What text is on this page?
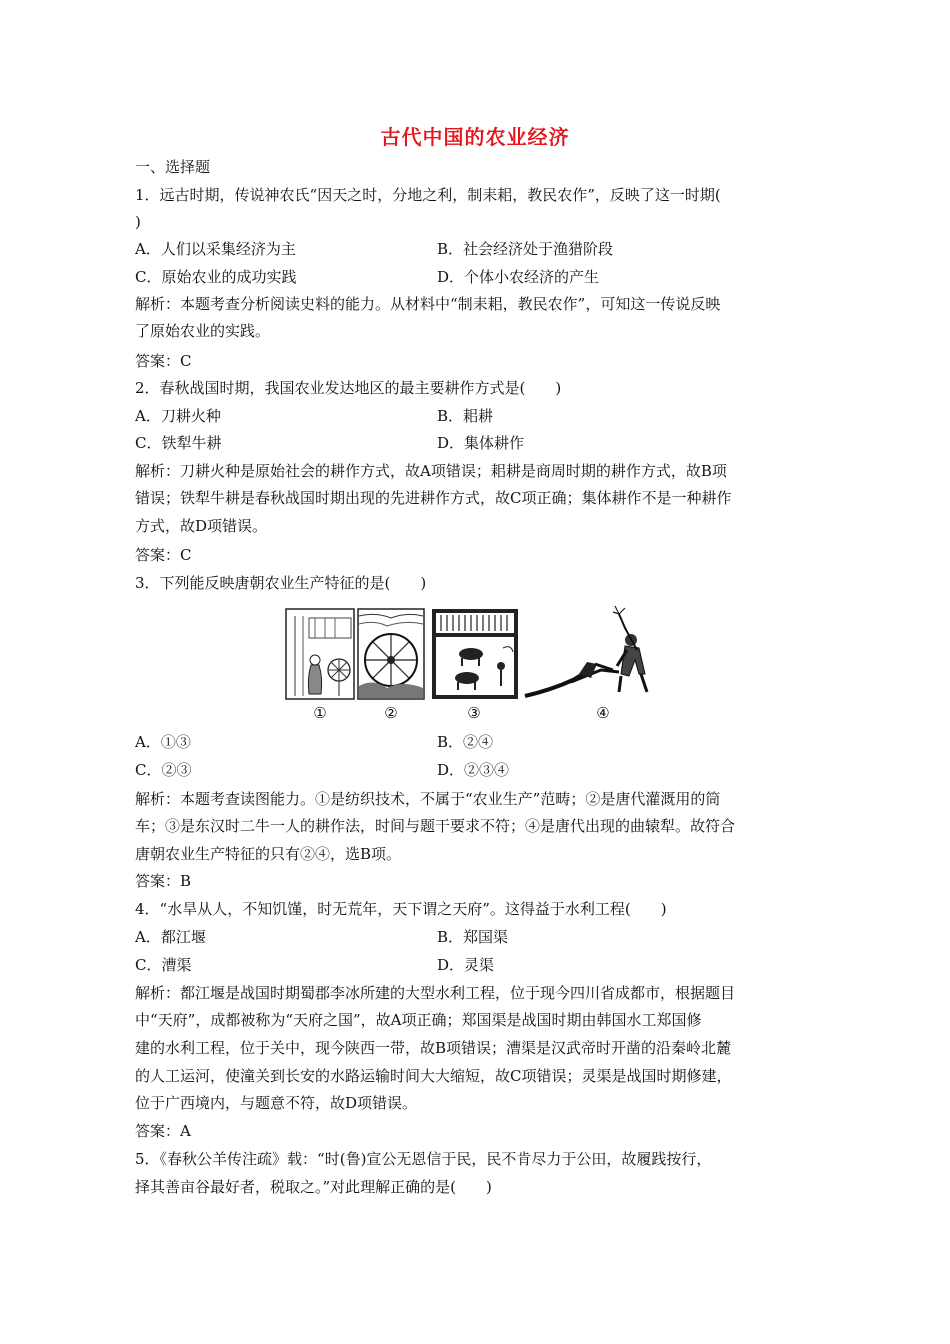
古代中国的农业经济
一、选择题
1．远古时期，传说神农氏“因天之时，分地之利，制耒耜，教民农作”，反映了这一时期(
)
A．人们以采集经济为主	B．社会经济处于渔猎阶段
C．原始农业的成功实践	D．个体小农经济的产生
解析：本题考查分析阅读史料的能力。从材料中“制耒耜，教民农作”，可知这一传说反映
了原始农业的实践。
答案：C
2．春秋战国时期，我国农业发达地区的最主要耕作方式是(　　)
A．刀耕火种	B．耜耕
C．铁犁牛耕	D．集体耕作
解析：刀耕火种是原始社会的耕作方式，故A项错误；耜耕是商周时期的耕作方式，故B项
错误；铁犁牛耕是春秋战国时期出现的先进耕作方式，故C项正确；集体耕作不是一种耕作
方式，故D项错误。
答案：C
3．下列能反映唐朝农业生产特征的是(　　)
①	②	③	④
A．①③	B．②④
C．②③	D．②③④
解析：本题考查读图能力。①是纺织技术，不属于“农业生产”范畴；②是唐代灌溉用的筒
车；③是东汉时二牛一人的耕作法，时间与题干要求不符；④是唐代出现的曲辕犁。故符合
唐朝农业生产特征的只有②④，选B项。
答案：B
4．“水旱从人，不知饥馑，时无荒年，天下谓之天府”。这得益于水利工程(　　)
A．都江堰	B．郑国渠
C．漕渠	D．灵渠
解析：都江堰是战国时期蜀郡李冰所建的大型水利工程，位于现今四川省成都市，根据题目
中“天府”，成都被称为“天府之国”，故A项正确；郑国渠是战国时期由韩国水工郑国修
建的水利工程，位于关中，现今陕西一带，故B项错误；漕渠是汉武帝时开凿的沿秦岭北麓
的人工运河，使潼关到长安的水路运输时间大大缩短，故C项错误；灵渠是战国时期修建，
位于广西境内，与题意不符，故D项错误。
答案：A
5．《春秋公羊传注疏》载：“时(鲁)宣公无恩信于民，民不肯尽力于公田，故履践按行，
择其善亩谷最好者，税取之。”对此理解正确的是(　　)
